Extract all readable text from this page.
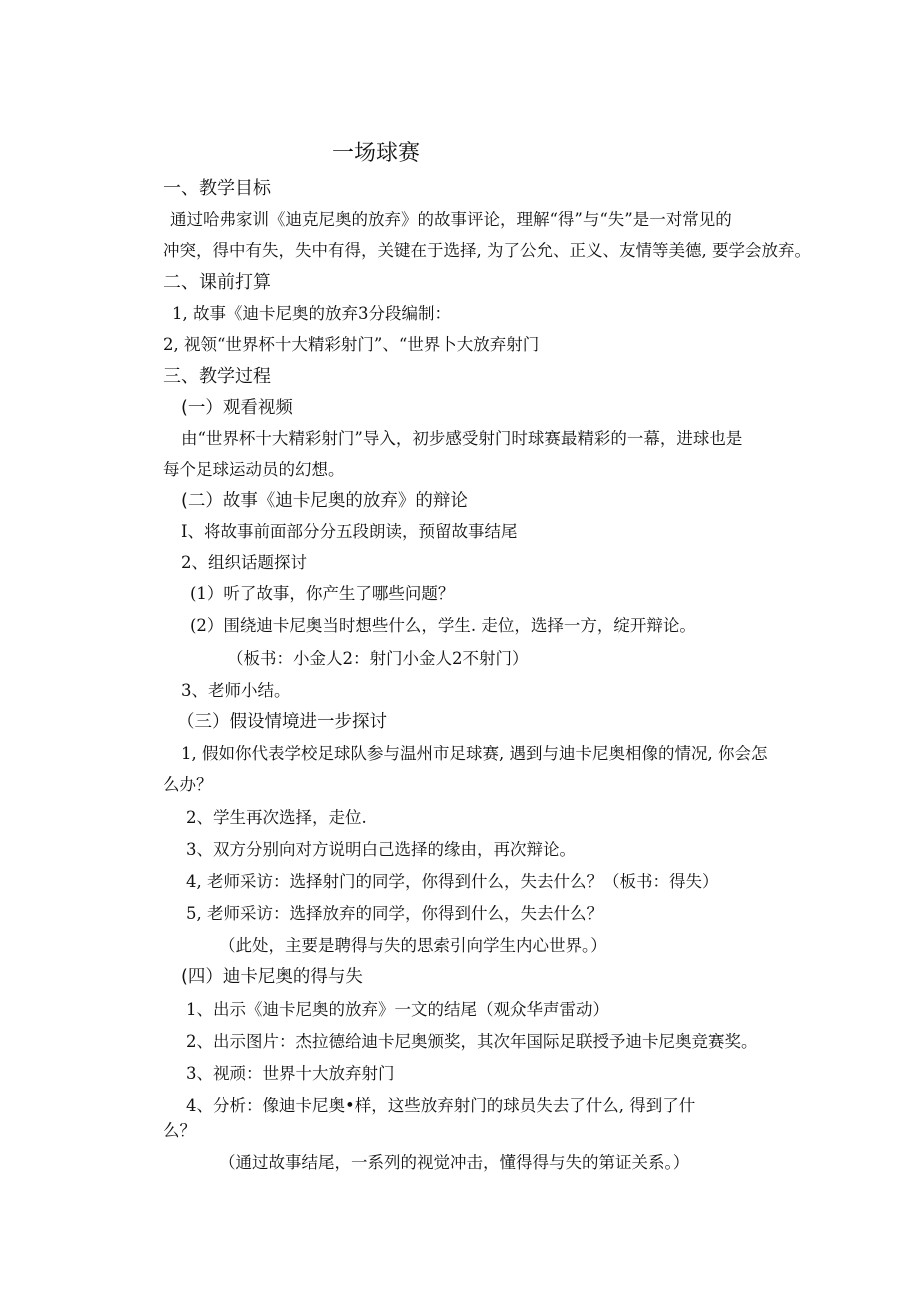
一场球赛
一、教学目标
通过哈弗家训《迪克尼奥的放弃》的故事评论，理解“得”与“失”是一对常见的
冲突，得中有失，失中有得，关键在于选择, 为了公允、正义、友情等美德, 要学会放弃。
二、课前打算
1, 故事《迪卡尼奥的放弃3分段编制：
2, 视领“世界杯十大精彩射门”、“世界卜大放弃射门
三、教学过程
(一）观看视频
由“世界杯十大精彩射门”导入，初步感受射门时球赛最精彩的一幕，进球也是
每个足球运动员的幻想。
(二）故事《迪卡尼奥的放弃》的辩论
I、将故事前面部分分五段朗读，预留故事结尾
2、组织话题探讨
(1）听了故事，你产生了哪些问题？
(2）围绕迪卡尼奥当时想些什么，学生. 走位，选择一方，绽开辩论。
（板书：小金人2：射门小金人2不射门）
3、老师小结。
（三）假设情境进一步探讨
1, 假如你代表学校足球队参与温州市足球赛, 遇到与迪卡尼奥相像的情况, 你会怎
么办？
2、学生再次选择，走位.
3、双方分别向对方说明白己选择的缘由，再次辩论。
4, 老师采访：选择射门的同学，你得到什么，失去什么？（板书：得失）
5, 老师采访：选择放弃的同学，你得到什么，失去什么？
（此处，主要是聘得与失的思索引向学生内心世界。）
(四）迪卡尼奥的得与失
1、出示《迪卡尼奥的放弃》一文的结尾（观众华声雷动）
2、出示图片：杰拉德给迪卡尼奥颁奖，其次年国际足联授予迪卡尼奥竞赛奖。
3、视顽：世界十大放弃射门
4、分析：像迪卡尼奥•样，这些放弃射门的球员失去了什么, 得到了什
么？
（通过故事结尾，一系列的视觉冲击，懂得得与失的第证关系。）
